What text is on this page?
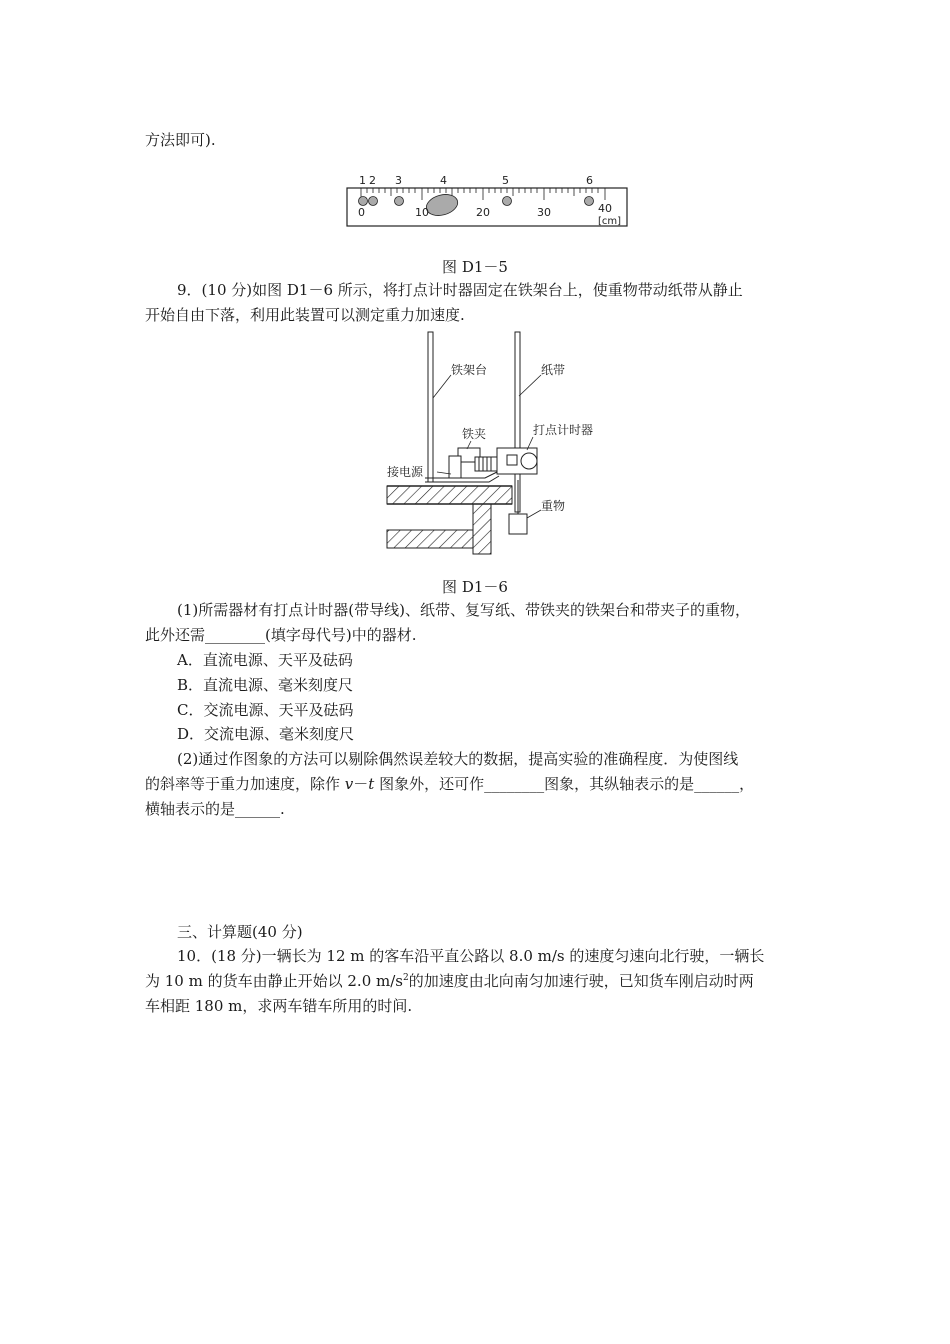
方法即可).
1 2 3	4	5	6
0	10	20	30	40
[cm]
图 D1－5
9．(10 分)如图 D1－6 所示，将打点计时器固定在铁架台上，使重物带动纸带从静止
开始自由下落，利用此装置可以测定重力加速度.
铁架台	纸带
铁夹	打点计时器
接电源
重物
图 D1－6
(1)所需器材有打点计时器(带导线)、纸带、复写纸、带铁夹的铁架台和带夹子的重物，
此外还需________(填字母代号)中的器材.
A．直流电源、天平及砝码
B．直流电源、毫米刻度尺
C．交流电源、天平及砝码
D．交流电源、毫米刻度尺
(2)通过作图象的方法可以剔除偶然误差较大的数据，提高实验的准确程度．为使图线
的斜率等于重力加速度，除作 v－t 图象外，还可作________图象，其纵轴表示的是______，
横轴表示的是______.
三、计算题(40 分)
10．(18 分)一辆长为 12 m 的客车沿平直公路以 8.0 m/s 的速度匀速向北行驶，一辆长
为 10 m 的货车由静止开始以 2.0 $m/s^2$的加速度由北向南匀加速行驶，已知货车刚启动时两
车相距 180 m，求两车错车所用的时间.
